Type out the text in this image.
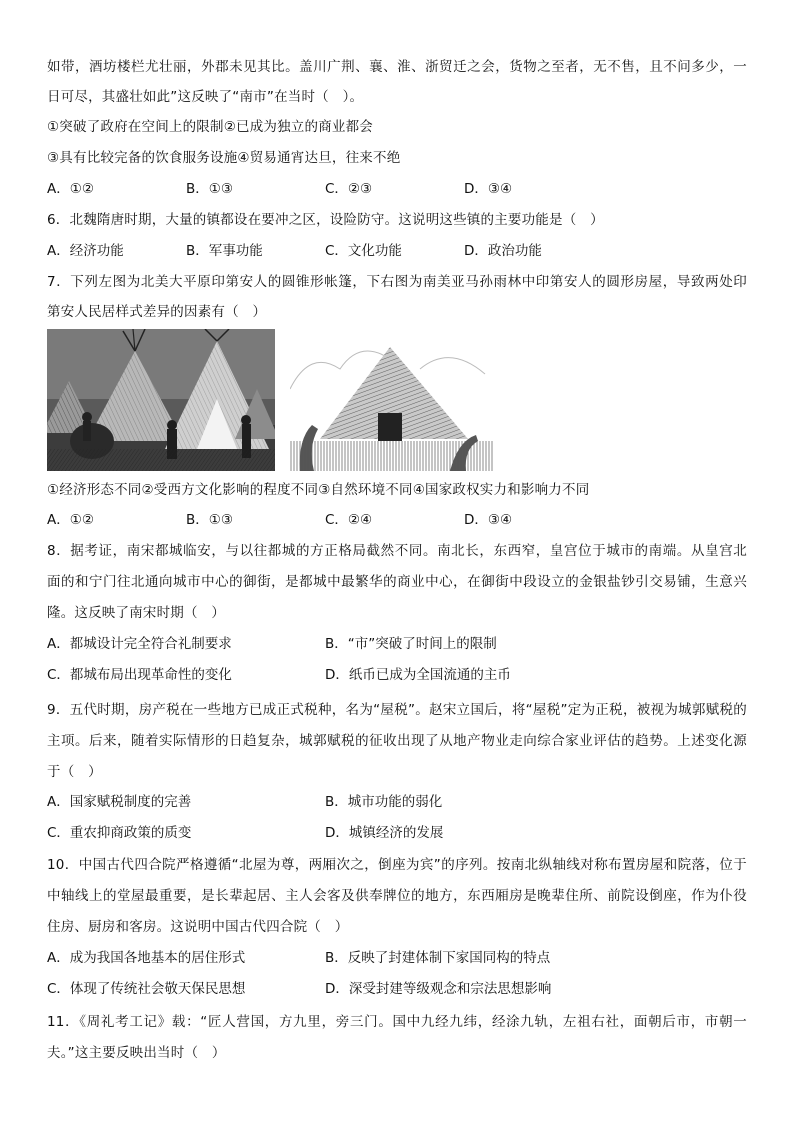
如带，酒坊楼栏尤壮丽，外郡未见其比。盖川广荆、襄、淮、浙贸迁之会，货物之至者，无不售，且不问多少，一
日可尽，其盛壮如此”这反映了“南市”在当时（　）。
①突破了政府在空间上的限制②已成为独立的商业都会
③具有比较完备的饮食服务设施④贸易通宵达旦，往来不绝
A．①②	B．①③	C．②③	D．③④
6．北魏隋唐时期，大量的镇都设在要冲之区，设险防守。这说明这些镇的主要功能是（　）
A．经济功能	B．军事功能	C．文化功能	D．政治功能
7．下列左图为北美大平原印第安人的圆锥形帐篷，下右图为南美亚马孙雨林中印第安人的圆形房屋，导致两处印
第安人民居样式差异的因素有（　）
①经济形态不同②受西方文化影响的程度不同③自然环境不同④国家政权实力和影响力不同
A．①②	B．①③	C．②④	D．③④
8．据考证，南宋都城临安，与以往都城的方正格局截然不同。南北长，东西窄，皇宫位于城市的南端。从皇宫北
面的和宁门往北通向城市中心的御街，是都城中最繁华的商业中心，在御街中段设立的金银盐钞引交易铺，生意兴
隆。这反映了南宋时期（　）
A．都城设计完全符合礼制要求	B．“市”突破了时间上的限制
C．都城布局出现革命性的变化	D．纸币已成为全国流通的主币
9．五代时期，房产税在一些地方已成正式税种，名为“屋税”。赵宋立国后，将“屋税”定为正税，被视为城郭赋税的
主项。后来，随着实际情形的日趋复杂，城郭赋税的征收出现了从地产物业走向综合家业评估的趋势。上述变化源
于（　）
A．国家赋税制度的完善	B．城市功能的弱化
C．重农抑商政策的质变	D．城镇经济的发展
10．中国古代四合院严格遵循“北屋为尊，两厢次之，倒座为宾”的序列。按南北纵轴线对称布置房屋和院落，位于
中轴线上的堂屋最重要，是长辈起居、主人会客及供奉牌位的地方，东西厢房是晚辈住所、前院设倒座，作为仆役
住房、厨房和客房。这说明中国古代四合院（　）
A．成为我国各地基本的居住形式	B．反映了封建体制下家国同构的特点
C．体现了传统社会敬天保民思想	D．深受封建等级观念和宗法思想影响
11．《周礼考工记》载：“匠人营国，方九里，旁三门。国中九经九纬，经涂九轨，左祖右社，面朝后市，市朝一
夫。”这主要反映出当时（　）
